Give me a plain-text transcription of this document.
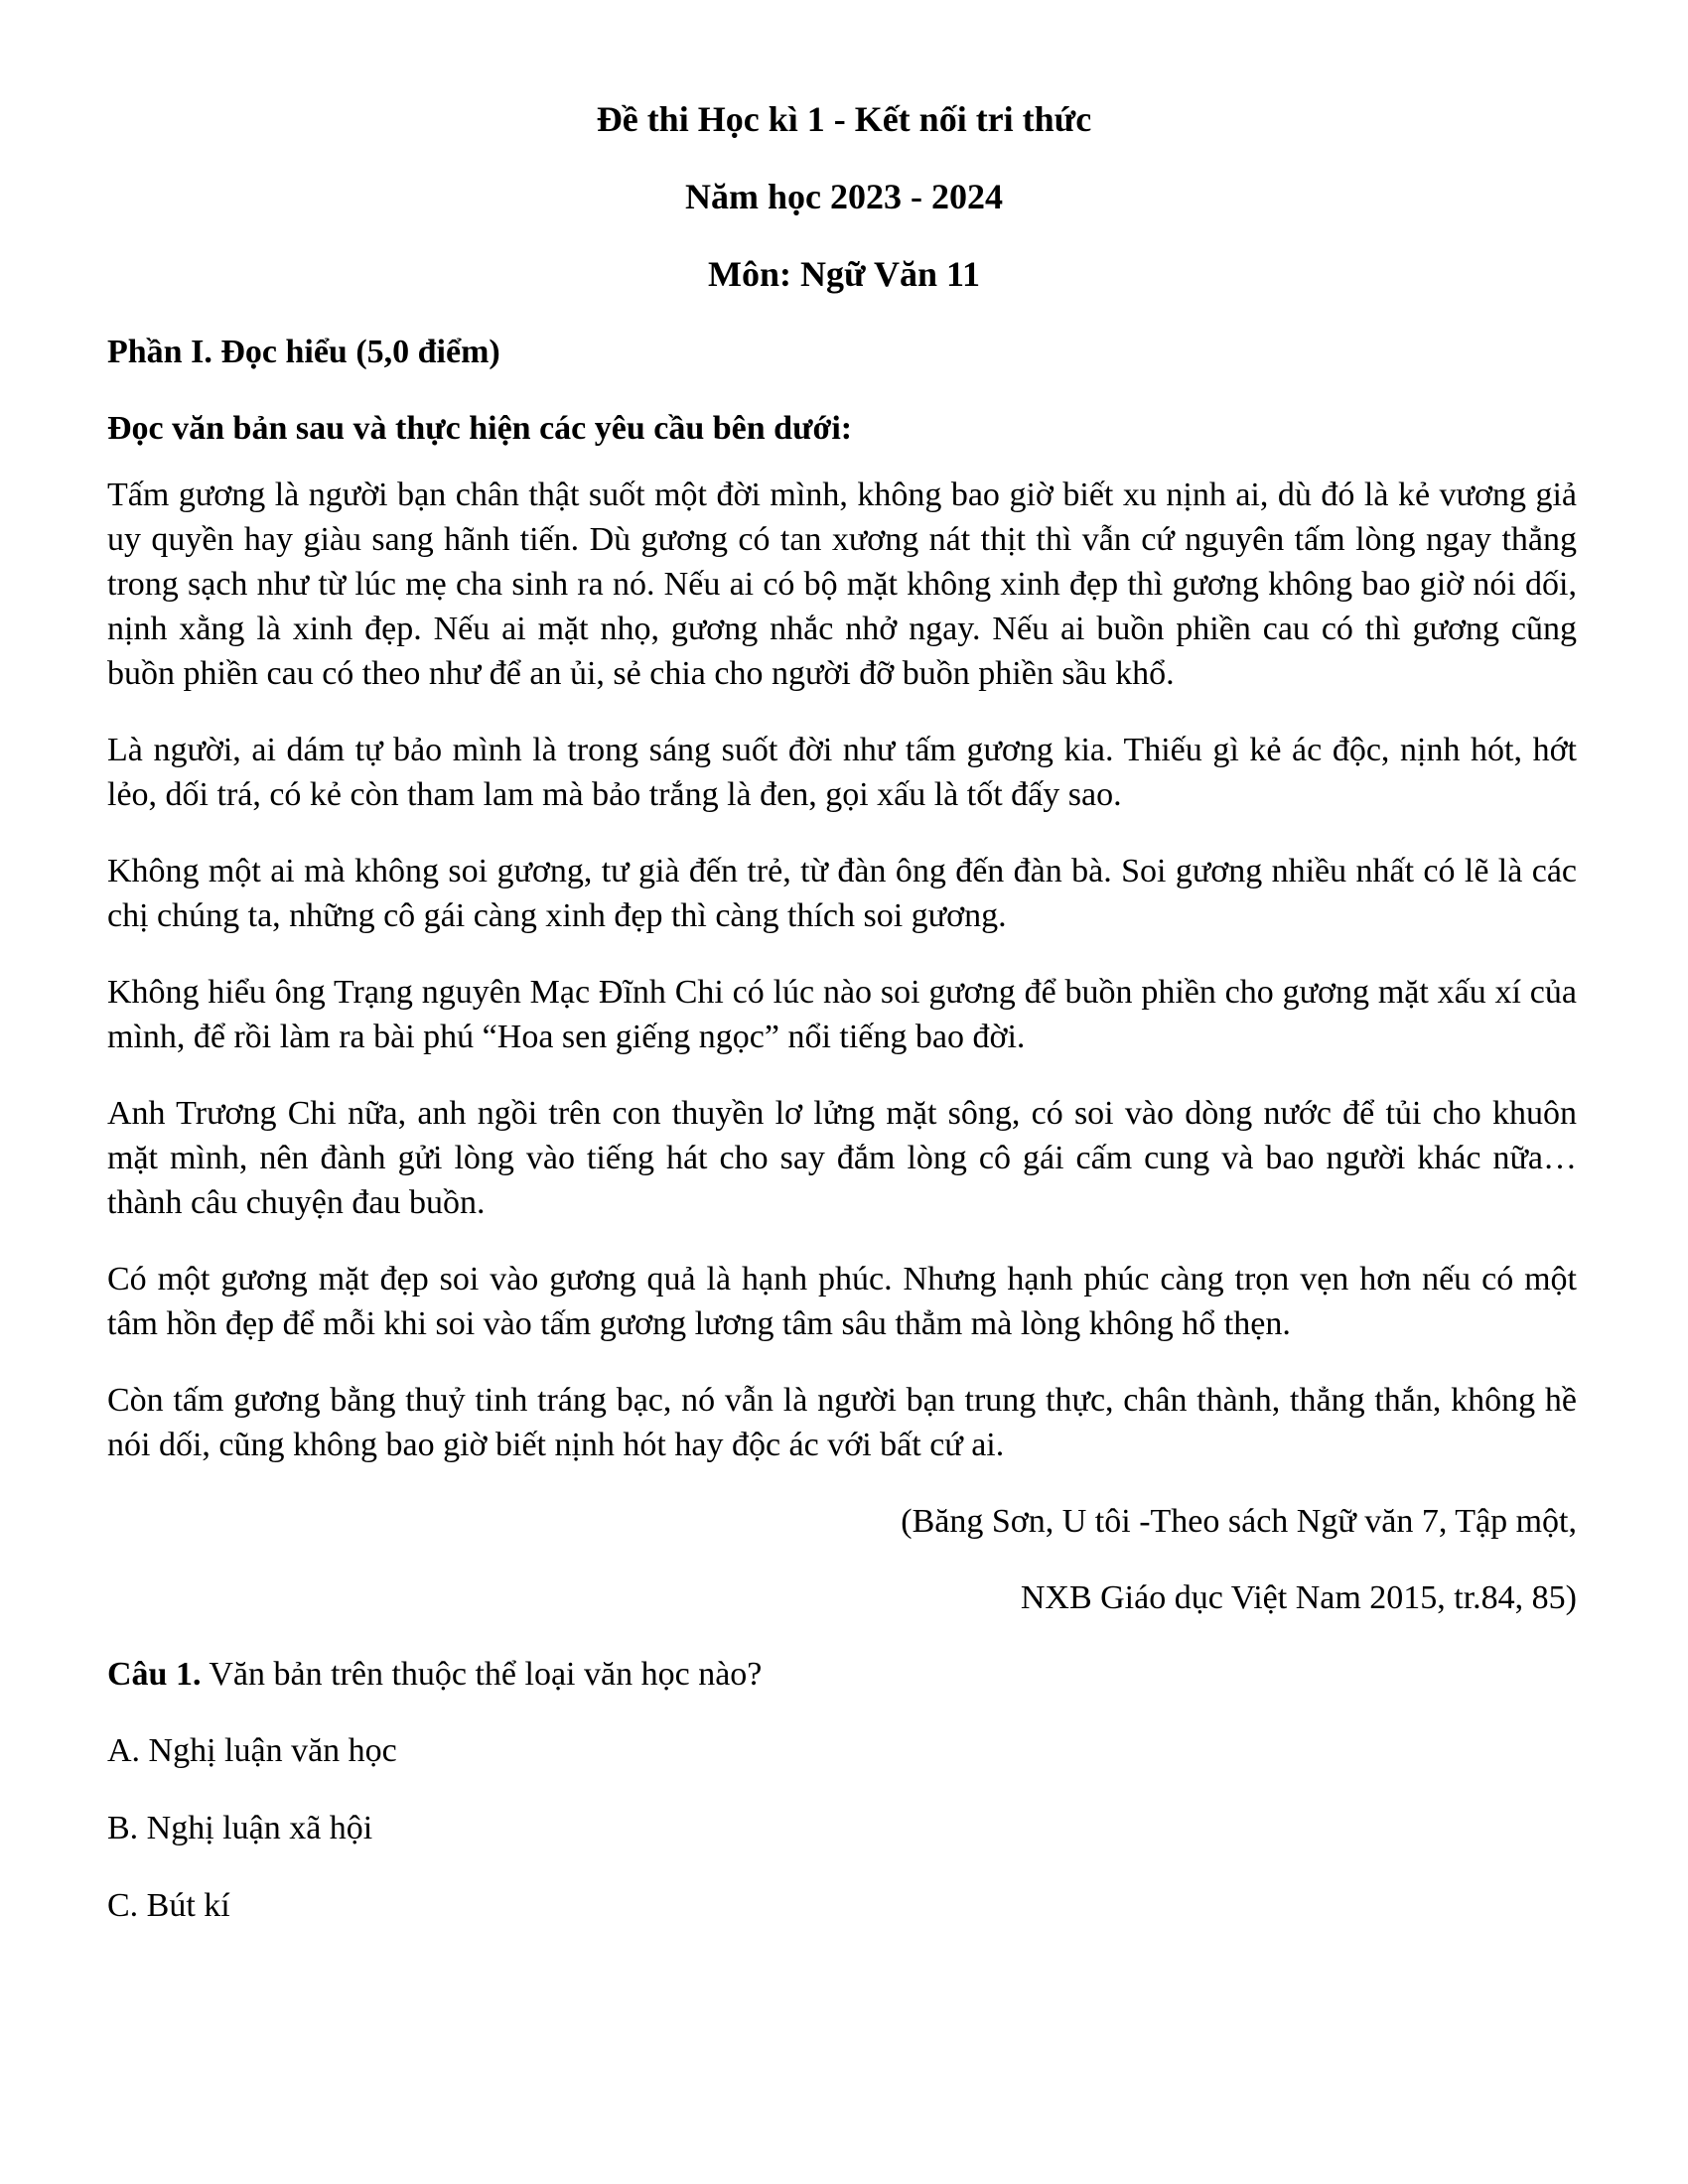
Đề thi Học kì 1 - Kết nối tri thức
Năm học 2023 - 2024
Môn: Ngữ Văn 11

Phần I. Đọc hiểu (5,0 điểm)

Đọc văn bản sau và thực hiện các yêu cầu bên dưới:

Tấm gương là người bạn chân thật suốt một đời mình, không bao giờ biết xu nịnh ai, dù đó là kẻ vương giả uy quyền hay giàu sang hãnh tiến. Dù gương có tan xương nát thịt thì vẫn cứ nguyên tấm lòng ngay thẳng trong sạch như từ lúc mẹ cha sinh ra nó. Nếu ai có bộ mặt không xinh đẹp thì gương không bao giờ nói dối, nịnh xằng là xinh đẹp. Nếu ai mặt nhọ, gương nhắc nhở ngay. Nếu ai buồn phiền cau có thì gương cũng buồn phiền cau có theo như để an ủi, sẻ chia cho người đỡ buồn phiền sầu khổ.

Là người, ai dám tự bảo mình là trong sáng suốt đời như tấm gương kia. Thiếu gì kẻ ác độc, nịnh hót, hớt lẻo, dối trá, có kẻ còn tham lam mà bảo trắng là đen, gọi xấu là tốt đấy sao.

Không một ai mà không soi gương, tư già đến trẻ, từ đàn ông đến đàn bà. Soi gương nhiều nhất có lẽ là các chị chúng ta, những cô gái càng xinh đẹp thì càng thích soi gương.

Không hiểu ông Trạng nguyên Mạc Đĩnh Chi có lúc nào soi gương để buồn phiền cho gương mặt xấu xí của mình, để rồi làm ra bài phú “Hoa sen giếng ngọc” nổi tiếng bao đời.

Anh Trương Chi nữa, anh ngồi trên con thuyền lơ lửng mặt sông, có soi vào dòng nước để tủi cho khuôn mặt mình, nên đành gửi lòng vào tiếng hát cho say đắm lòng cô gái cấm cung và bao người khác nữa… thành câu chuyện đau buồn.

Có một gương mặt đẹp soi vào gương quả là hạnh phúc. Nhưng hạnh phúc càng trọn vẹn hơn nếu có một tâm hồn đẹp để mỗi khi soi vào tấm gương lương tâm sâu thẳm mà lòng không hổ thẹn.

Còn tấm gương bằng thuỷ tinh tráng bạc, nó vẫn là người bạn trung thực, chân thành, thẳng thắn, không hề nói dối, cũng không bao giờ biết nịnh hót hay độc ác với bất cứ ai.

(Băng Sơn, U tôi -Theo sách Ngữ văn 7, Tập một,

NXB Giáo dục Việt Nam 2015, tr.84, 85)

Câu 1. Văn bản trên thuộc thể loại văn học nào?

A. Nghị luận văn học

B. Nghị luận xã hội

C. Bút kí
